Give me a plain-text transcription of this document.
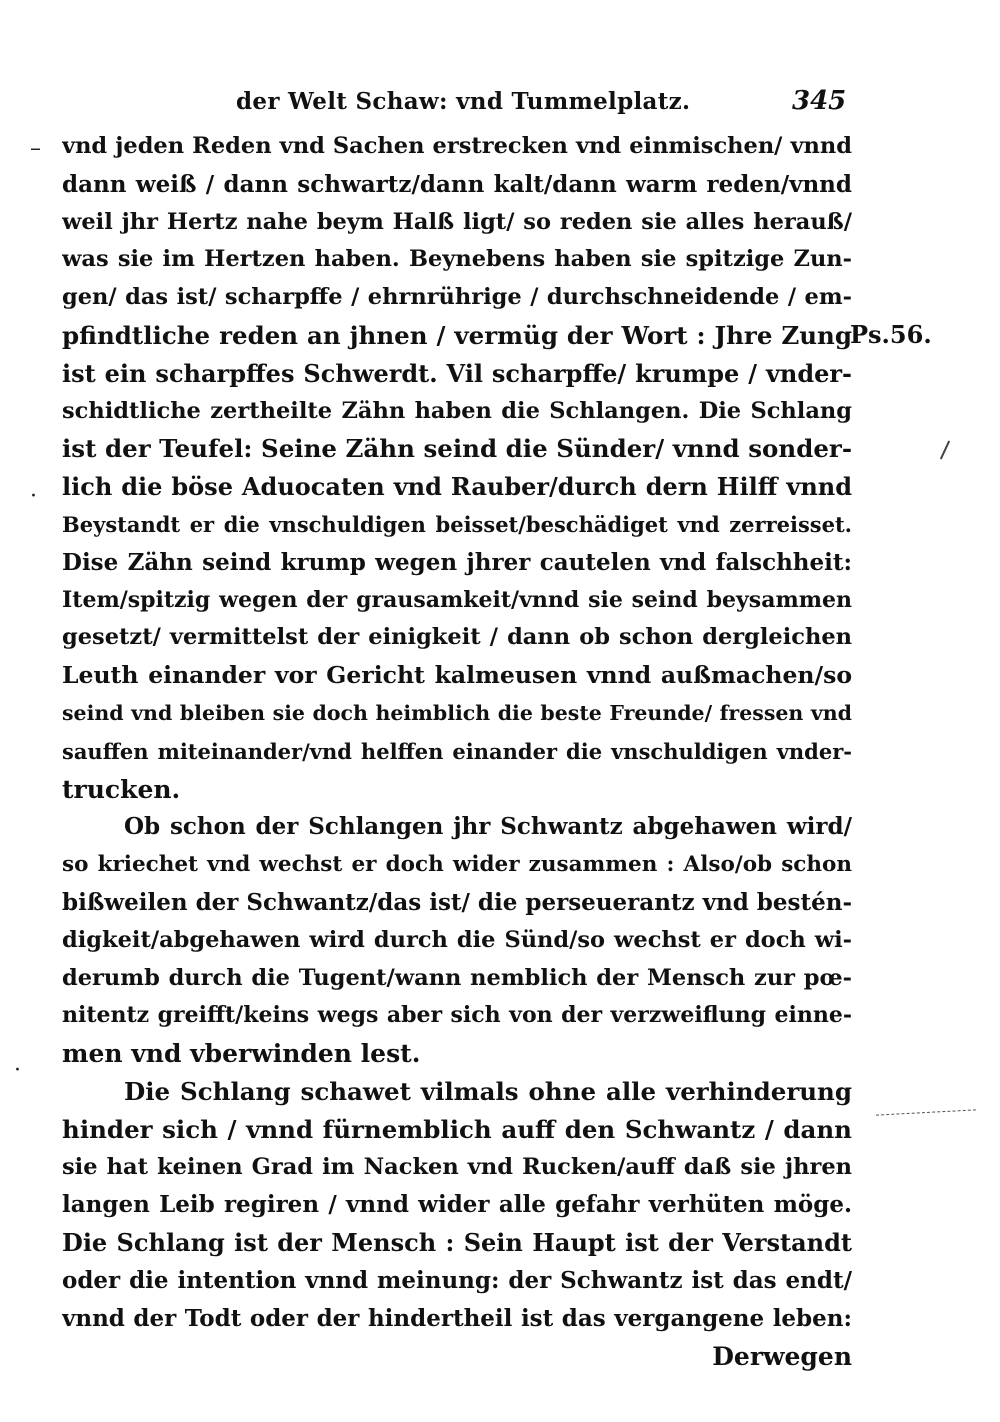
der Welt Schaw: vnd Tummelplatz.	345
–
·
·
Ps.56.
vnd jeden Reden vnd Sachen erstrecken vnd einmischen/ vnnd
dann weiß / dann schwartz/dann kalt/dann warm reden/vnnd
weil jhr Hertz nahe beym Halß ligt/ so reden sie alles herauß/
was sie im Hertzen haben. Beynebens haben sie spitzige Zun-
gen/ das ist/ scharpffe / ehrnrührige / durchschneidende / em-
pfindtliche reden an jhnen / vermüg der Wort : Jhre Zung
ist ein scharpffes Schwerdt. Vil scharpffe/ krumpe / vnder-
schidtliche zertheilte Zähn haben die Schlangen. Die Schlang
ist der Teufel: Seine Zähn seind die Sünder/ vnnd sonder-
lich die böse Aduocaten vnd Rauber/durch dern Hilff vnnd
Beystandt er die vnschuldigen beisset/beschädiget vnd zerreisset.
Dise Zähn seind krump wegen jhrer cautelen vnd falschheit:
Item/spitzig wegen der grausamkeit/vnnd sie seind beysammen
gesetzt/ vermittelst der einigkeit / dann ob schon dergleichen
Leuth einander vor Gericht kalmeusen vnnd außmachen/so
seind vnd bleiben sie doch heimblich die beste Freunde/ fressen vnd
sauffen miteinander/vnd helffen einander die vnschuldigen vnder-
trucken.
Ob schon der Schlangen jhr Schwantz abgehawen wird/
so kriechet vnd wechst er doch wider zusammen : Also/ob schon
bißweilen der Schwantz/das ist/ die perseuerantz vnd bestén-
digkeit/abgehawen wird durch die Sünd/so wechst er doch wi-
derumb durch die Tugent/wann nemblich der Mensch zur pœ-
nitentz greifft/keins wegs aber sich von der verzweiflung einne-
men vnd vberwinden lest.
Die Schlang schawet vilmals ohne alle verhinderung
hinder sich / vnnd fürnemblich auff den Schwantz / dann
sie hat keinen Grad im Nacken vnd Rucken/auff daß sie jhren
langen Leib regiren / vnnd wider alle gefahr verhüten möge.
Die Schlang ist der Mensch : Sein Haupt ist der Verstandt
oder die intention vnnd meinung: der Schwantz ist das endt/
vnnd der Todt oder der hindertheil ist das vergangene leben:
Derwegen
